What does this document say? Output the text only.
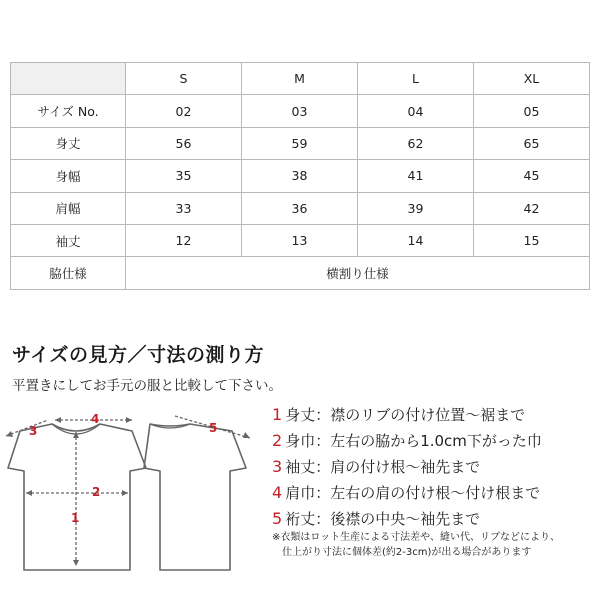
	S	M	L	XL
サイズ No.	02	03	04	05
身丈	56	59	62	65
身幅	35	38	41	45
肩幅	33	36	39	42
袖丈	12	13	14	15
脇仕様	横割り仕様			
サイズの見方／寸法の測り方
平置きにしてお手元の服と比較して下さい。
1
2
3
4
5
1 身丈：襟のリブの付け位置～裾まで
2 身巾：左右の脇から1.0cm下がった巾
3 袖丈：肩の付け根～袖先まで
4 肩巾：左右の肩の付け根～付け根まで
5 裄丈：後襟の中央～袖先まで
※衣類はロット生産による寸法差や、縫い代、リブなどにより、
仕上がり寸法に個体差(約2-3cm)が出る場合があります
